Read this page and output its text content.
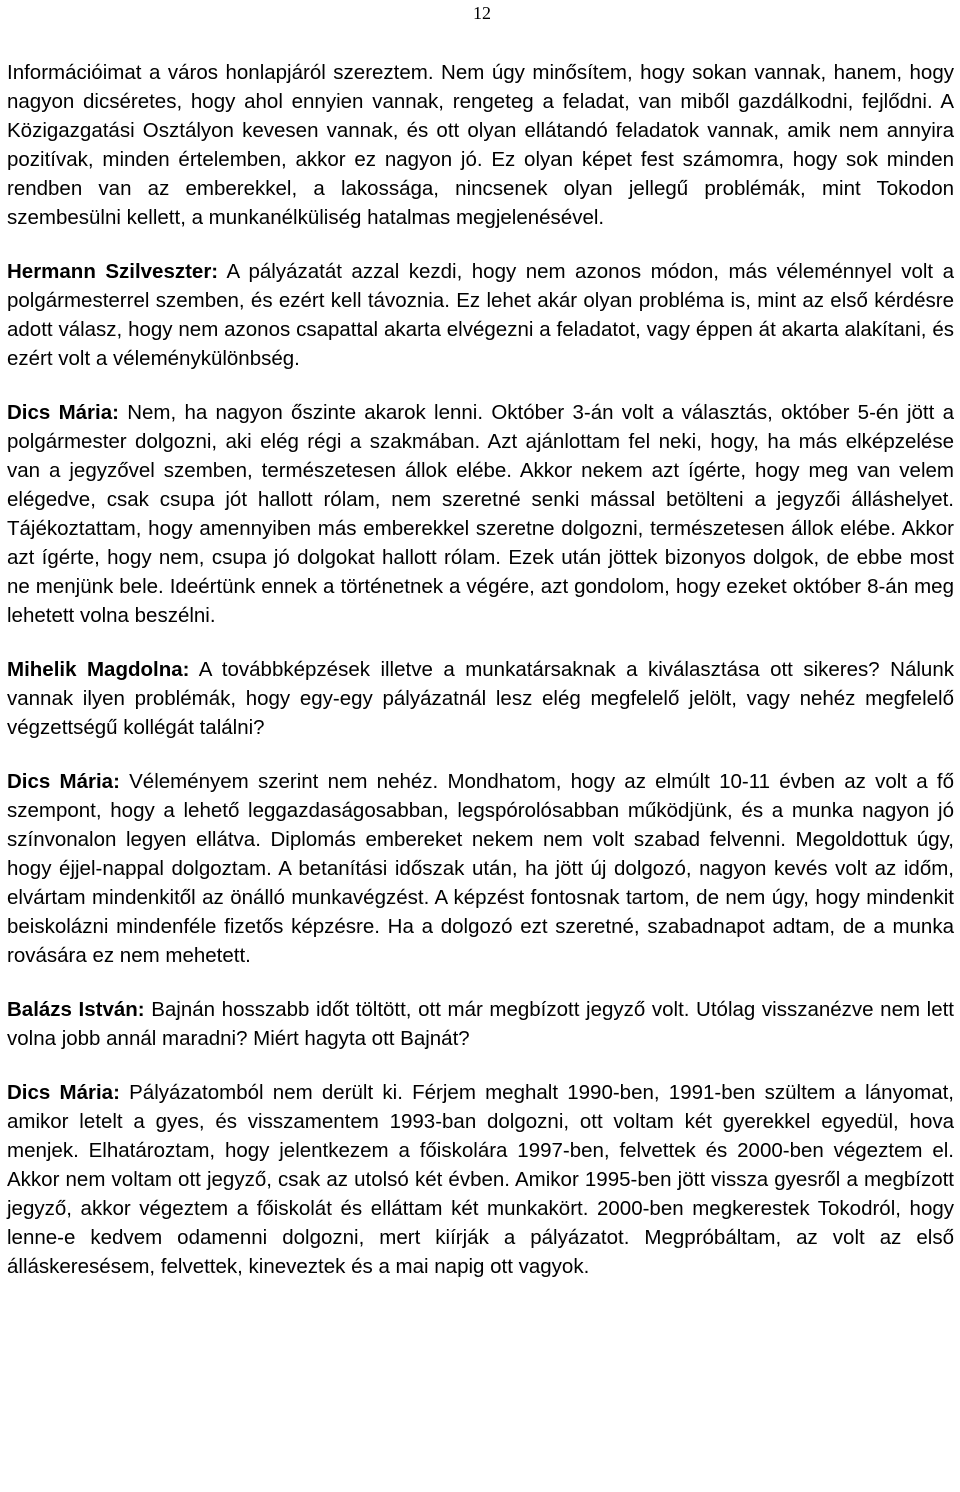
12

Információimat a város honlapjáról szereztem. Nem úgy minősítem, hogy sokan vannak, hanem, hogy nagyon dicséretes, hogy ahol ennyien vannak, rengeteg a feladat, van miből gazdálkodni, fejlődni. A Közigazgatási Osztályon kevesen vannak, és ott olyan ellátandó feladatok vannak, amik nem annyira pozitívak, minden értelemben, akkor ez nagyon jó. Ez olyan képet fest számomra, hogy sok minden rendben van az emberekkel, a lakossága, nincsenek olyan jellegű problémák, mint Tokodon szembesülni kellett, a munkanélküliség hatalmas megjelenésével.

Hermann Szilveszter: A pályázatát azzal kezdi, hogy nem azonos módon, más véleménnyel volt a polgármesterrel szemben, és ezért kell távoznia. Ez lehet akár olyan probléma is, mint az első kérdésre adott válasz, hogy nem azonos csapattal akarta elvégezni a feladatot, vagy éppen át akarta alakítani, és ezért volt a véleménykülönbség.

Dics Mária: Nem, ha nagyon őszinte akarok lenni. Október 3-án volt a választás, október 5-én jött a polgármester dolgozni, aki elég régi a szakmában. Azt ajánlottam fel neki, hogy, ha más elképzelése van a jegyzővel szemben, természetesen állok elébe. Akkor nekem azt ígérte, hogy meg van velem elégedve, csak csupa jót hallott rólam, nem szeretné senki mással betölteni a jegyzői álláshelyet. Tájékoztattam, hogy amennyiben más emberekkel szeretne dolgozni, természetesen állok elébe. Akkor azt ígérte, hogy nem, csupa jó dolgokat hallott rólam. Ezek után jöttek bizonyos dolgok, de ebbe most ne menjünk bele. Ideértünk ennek a történetnek a végére, azt gondolom, hogy ezeket október 8-án meg lehetett volna beszélni.

Mihelik Magdolna: A továbbképzések illetve a munkatársaknak a kiválasztása ott sikeres? Nálunk vannak ilyen problémák, hogy egy-egy pályázatnál lesz elég megfelelő jelölt, vagy nehéz megfelelő végzettségű kollégát találni?

Dics Mária: Véleményem szerint nem nehéz. Mondhatom, hogy az elmúlt 10-11 évben az volt a fő szempont, hogy a lehető leggazdaságosabban, legspórolósabban működjünk, és a munka nagyon jó színvonalon legyen ellátva. Diplomás embereket nekem nem volt szabad felvenni. Megoldottuk úgy, hogy éjjel-nappal dolgoztam. A betanítási időszak után, ha jött új dolgozó, nagyon kevés volt az időm, elvártam mindenkitől az önálló munkavégzést. A képzést fontosnak tartom, de nem úgy, hogy mindenkit beiskolázni mindenféle fizetős képzésre. Ha a dolgozó ezt szeretné, szabadnapot adtam, de a munka rovására ez nem mehetett.

Balázs István: Bajnán hosszabb időt töltött, ott már megbízott jegyző volt. Utólag visszanézve nem lett volna jobb annál maradni? Miért hagyta ott Bajnát?

Dics Mária: Pályázatomból nem derült ki. Férjem meghalt 1990-ben, 1991-ben szültem a lányomat, amikor letelt a gyes, és visszamentem 1993-ban dolgozni, ott voltam két gyerekkel egyedül, hova menjek. Elhatároztam, hogy jelentkezem a főiskolára 1997-ben, felvettek és 2000-ben végeztem el. Akkor nem voltam ott jegyző, csak az utolsó két évben. Amikor 1995-ben jött vissza gyesről a megbízott jegyző, akkor végeztem a főiskolát és elláttam két munkakört. 2000-ben megkerestek Tokodról, hogy lenne-e kedvem odamenni dolgozni, mert kiírják a pályázatot. Megpróbáltam, az volt az első álláskeresésem, felvettek, kineveztek és a mai napig ott vagyok.
